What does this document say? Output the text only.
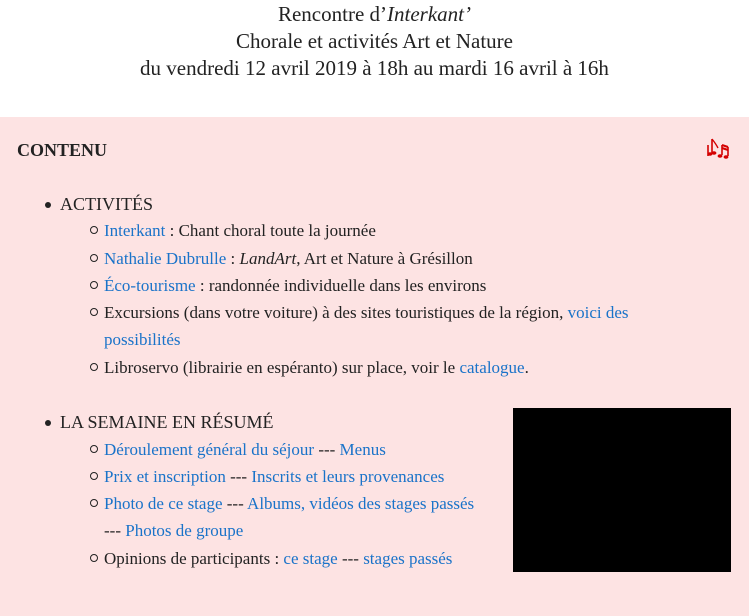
Rencontre d’Interkant’
Chorale et activités Art et Nature
du vendredi 12 avril 2019 à 18h au mardi 16 avril à 16h
CONTENU
ACTIVITÉS
Interkant : Chant choral toute la journée
Nathalie Dubrulle : LandArt, Art et Nature à Grésillon
Éco-tourisme : randonnée individuelle dans les environs
Excursions (dans votre voiture) à des sites touristiques de la région, voici des
possibilités
Libroservo (librairie en espéranto) sur place, voir le catalogue.
LA SEMAINE EN RÉSUMÉ
Déroulement général du séjour --- Menus
Prix et inscription --- Inscrits et leurs provenances
Photo de ce stage --- Albums, vidéos des stages passés
--- Photos de groupe
Opinions de participants : ce stage --- stages passés
